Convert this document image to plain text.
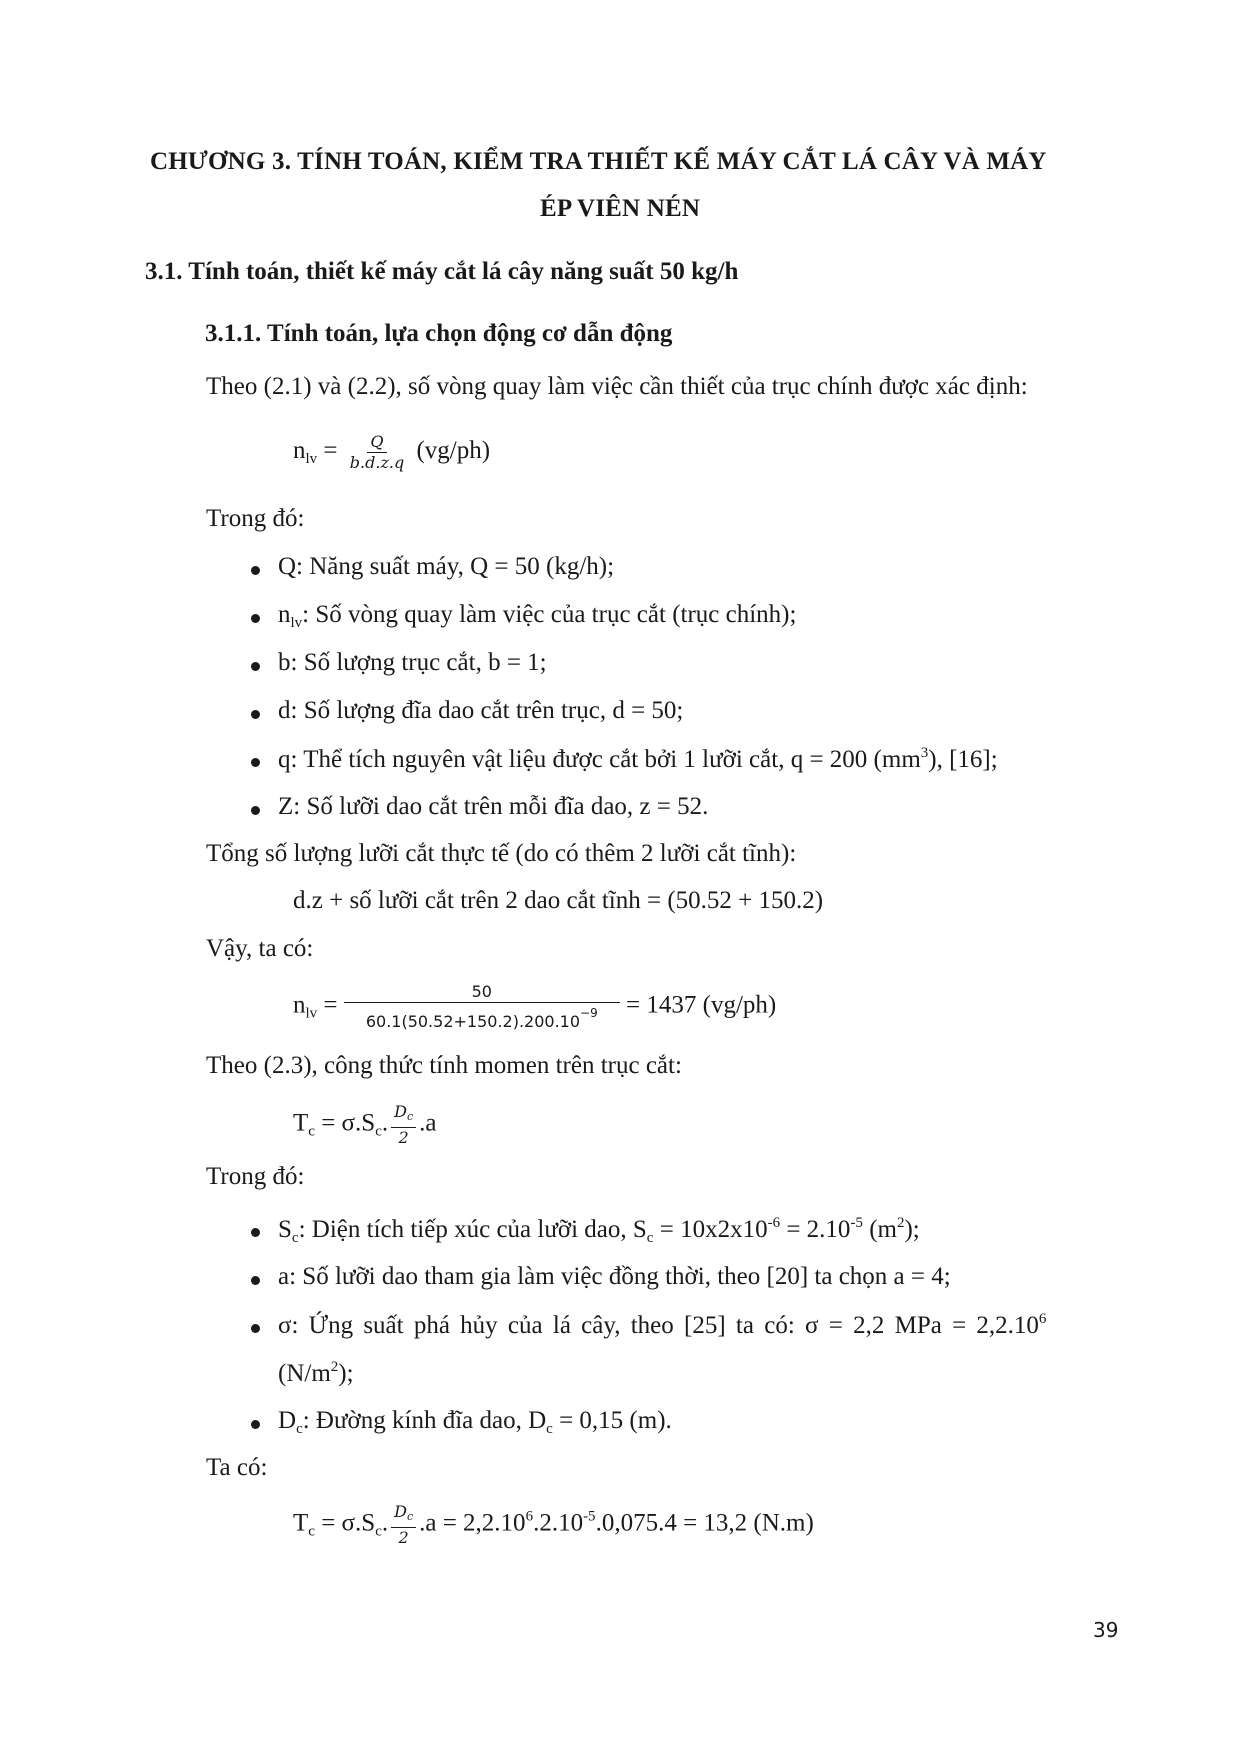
CHƯƠNG 3. TÍNH TOÁN, KIỂM TRA THIẾT KẾ MÁY CẮT LÁ CÂY VÀ MÁY
ÉP VIÊN NÉN
3.1. Tính toán, thiết kế máy cắt lá cây năng suất 50 kg/h
3.1.1. Tính toán, lựa chọn động cơ dẫn động
Theo (2.1) và (2.2), số vòng quay làm việc cần thiết của trục chính được xác định:
$n_{lv} = \frac{Q}{b.d.z.q} (vg/ph)$
Trong đó:
Q: Năng suất máy, Q = 50 (kg/h);
$n_{lv}$: Số vòng quay làm việc của trục cắt (trục chính);
b: Số lượng trục cắt, b = 1;
d: Số lượng đĩa dao cắt trên trục, d = 50;
q: Thể tích nguyên vật liệu được cắt bởi 1 lưỡi cắt, q = 200 $(mm^3)$, [16];
Z: Số lưỡi dao cắt trên mỗi đĩa dao, z = 52.
Tổng số lượng lưỡi cắt thực tế (do có thêm 2 lưỡi cắt tĩnh):
d.z + số lưỡi cắt trên 2 dao cắt tĩnh = (50.52 + 150.2)
Vậy, ta có:
$n_{lv} = \frac{50}{60.1(50.52+150.2).200.10^{-9}} = 1437$ (vg/ph)
Theo (2.3), công thức tính momen trên trục cắt:
$T_c = \sigma.S_c$. $\frac{D_c}{2} .a$
Trong đó:
$S_c$: Diện tích tiếp xúc của lưỡi dao, $S_c = 10x2x10^{-6} = 2.10^{-5}$ $(m^2)$;
a: Số lưỡi dao tham gia làm việc đồng thời, theo [20] ta chọn a = 4;
σ: Ứng suất phá hủy của lá cây, theo [25] ta có: σ = 2,2 MPa = $2,2.10^6$
$(N/m^2)$;
$D_c$: Đường kính đĩa dao, $D_c = 0,15$ (m).
Ta có:
$T_c = \sigma.S_c$. $\frac{D_c}{2} .a = 2,2.10^6.2.10^{-5}.0,075.4 = 13,2$ (N.m)
39
